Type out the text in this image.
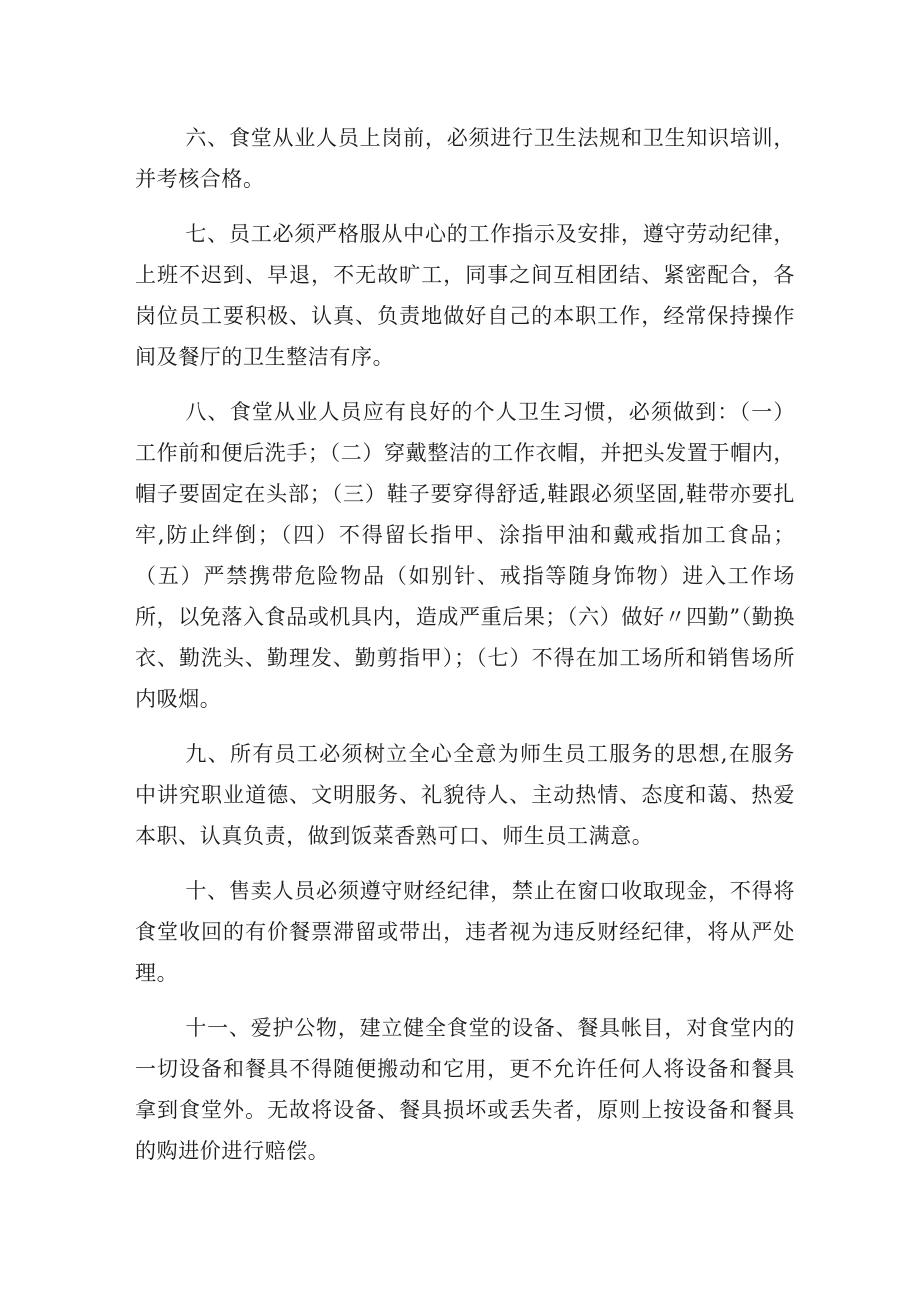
六、食堂从业人员上岗前，必须进行卫生法规和卫生知识培训，并考核合格。

七、员工必须严格服从中心的工作指示及安排，遵守劳动纪律，上班不迟到、早退，不无故旷工，同事之间互相团结、紧密配合，各岗位员工要积极、认真、负责地做好自己的本职工作，经常保持操作间及餐厅的卫生整洁有序。

八、食堂从业人员应有良好的个人卫生习惯，必须做到：（一）工作前和便后洗手；（二）穿戴整洁的工作衣帽，并把头发置于帽内，帽子要固定在头部；（三）鞋子要穿得舒适,鞋跟必须坚固,鞋带亦要扎牢,防止绊倒；（四）不得留长指甲、涂指甲油和戴戒指加工食品；（五）严禁携带危险物品（如别针、戒指等随身饰物）进入工作场所，以免落入食品或机具内，造成严重后果；（六）做好〃四勤”（勤换衣、勤洗头、勤理发、勤剪指甲）；（七）不得在加工场所和销售场所内吸烟。

九、所有员工必须树立全心全意为师生员工服务的思想,在服务中讲究职业道德、文明服务、礼貌待人、主动热情、态度和蔼、热爱本职、认真负责，做到饭菜香熟可口、师生员工满意。

十、售卖人员必须遵守财经纪律，禁止在窗口收取现金，不得将食堂收回的有价餐票滞留或带出，违者视为违反财经纪律，将从严处理。

十一、爱护公物，建立健全食堂的设备、餐具帐目，对食堂内的一切设备和餐具不得随便搬动和它用，更不允许任何人将设备和餐具拿到食堂外。无故将设备、餐具损坏或丢失者，原则上按设备和餐具的购进价进行赔偿。
